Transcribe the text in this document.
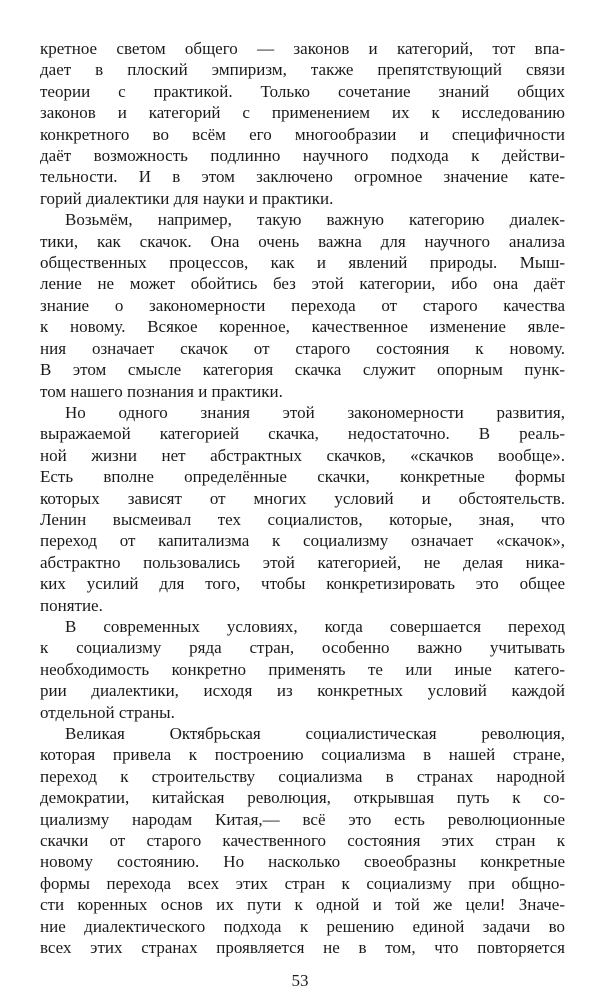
кретное светом общего — законов и категорий, тот впа-
дает в плоский эмпиризм, также препятствующий связи
теории с практикой. Только сочетание знаний общих
законов и категорий с применением их к исследованию
конкретного во всём его многообразии и специфичности
даёт возможность подлинно научного подхода к действи-
тельности. И в этом заключено огромное значение кате-
горий диалектики для науки и практики.
Возьмём, например, такую важную категорию диалек-
тики, как скачок. Она очень важна для научного анализа
общественных процессов, как и явлений природы. Мыш-
ление не может обойтись без этой категории, ибо она даёт
знание о закономерности перехода от старого качества
к новому. Всякое коренное, качественное изменение явле-
ния означает скачок от старого состояния к новому.
В этом смысле категория скачка служит опорным пунк-
том нашего познания и практики.
Но одного знания этой закономерности развития,
выражаемой категорией скачка, недостаточно. В реаль-
ной жизни нет абстрактных скачков, «скачков вообще».
Есть вполне определённые скачки, конкретные формы
которых зависят от многих условий и обстоятельств.
Ленин высмеивал тех социалистов, которые, зная, что
переход от капитализма к социализму означает «скачок»,
абстрактно пользовались этой категорией, не делая ника-
ких усилий для того, чтобы конкретизировать это общее
понятие.
В современных условиях, когда совершается переход
к социализму ряда стран, особенно важно учитывать
необходимость конкретно применять те или иные катего-
рии диалектики, исходя из конкретных условий каждой
отдельной страны.
Великая Октябрьская социалистическая революция,
которая привела к построению социализма в нашей стране,
переход к строительству социализма в странах народной
демократии, китайская революция, открывшая путь к со-
циализму народам Китая,— всё это есть революционные
скачки от старого качественного состояния этих стран к
новому состоянию. Но насколько своеобразны конкретные
формы перехода всех этих стран к социализму при общно-
сти коренных основ их пути к одной и той же цели! Значе-
ние диалектического подхода к решению единой задачи во
всех этих странах проявляется не в том, что повторяется
53
